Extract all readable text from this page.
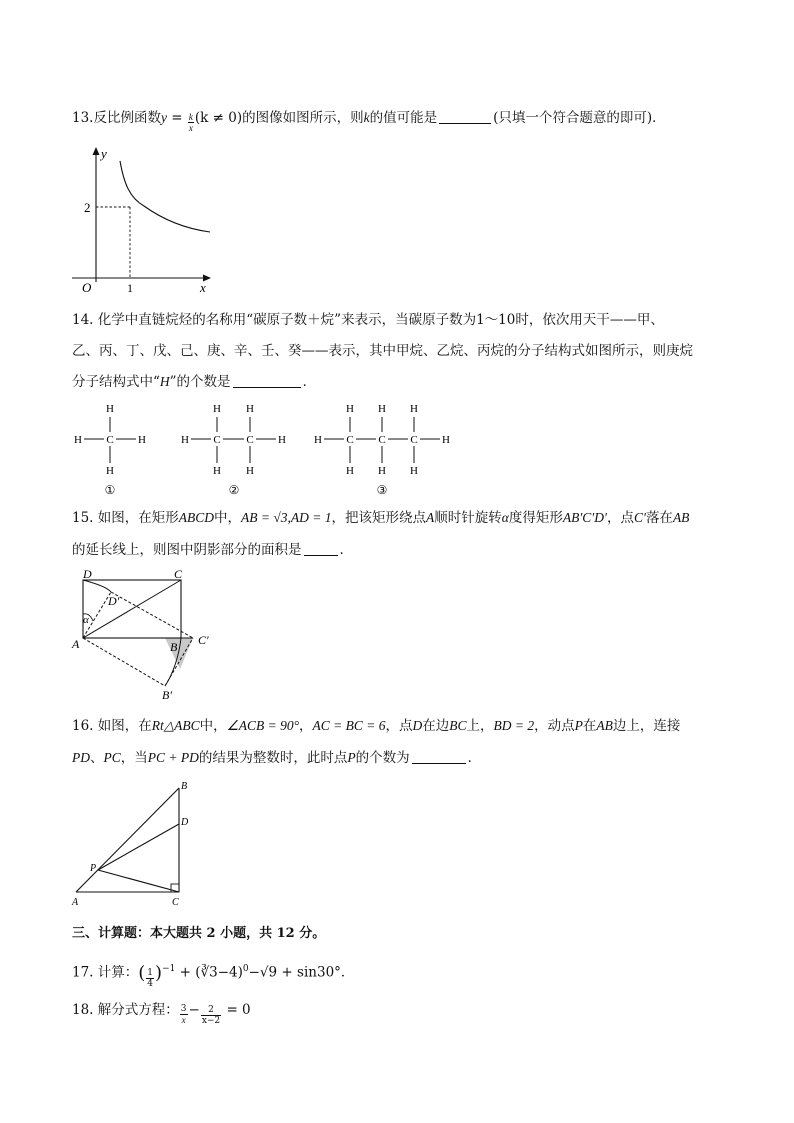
13.反比例函数$y = \frac{k}{x} (k \ne 0)$的图像如图所示，则k的值可能是	(只填一个符合题意的即可)．
y
x
O
2
1
14. 化学中直链烷烃的名称用“碳原子数＋烷”来表示，当碳原子数为1～10时，依次用天干——甲、
乙、丙、丁、戊、己、庚、辛、壬、癸——表示，其中甲烷、乙烷、丙烷的分子结构式如图所示，则庚烷
分子结构式中“H”的个数是	．
H	H
C
H
H
①
H	H
C
H
H
C
H
H
②
H	H
C
H
H
C
H
H
C
H
H
③
15. 如图，在矩形ABCD中，AB = √3,AD = 1，把该矩形绕点A顺时针旋转α度得矩形AB′C′D′，点C′落在AB
的延长线上，则图中阴影部分的面积是	．
D	C
D′
α
A	B C′
B′
16. 如图，在Rt△ABC中，∠ACB = 90°，AC = BC = 6，点D在边BC上，BD = 2，动点P在AB边上，连接
PD、PC，当PC + PD的结果为整数时，此时点P的个数为	．
B
D
P
A	C
三、计算题：本大题共 2 小题，共 12 分。
17. 计算：( $\frac{1}{4} )^{-1}$ + (∛3−4)$^0$−√9 + sin30°．
18. 解分式方程： $\frac{3}{x} - \frac{2}{x-2} = 0$
